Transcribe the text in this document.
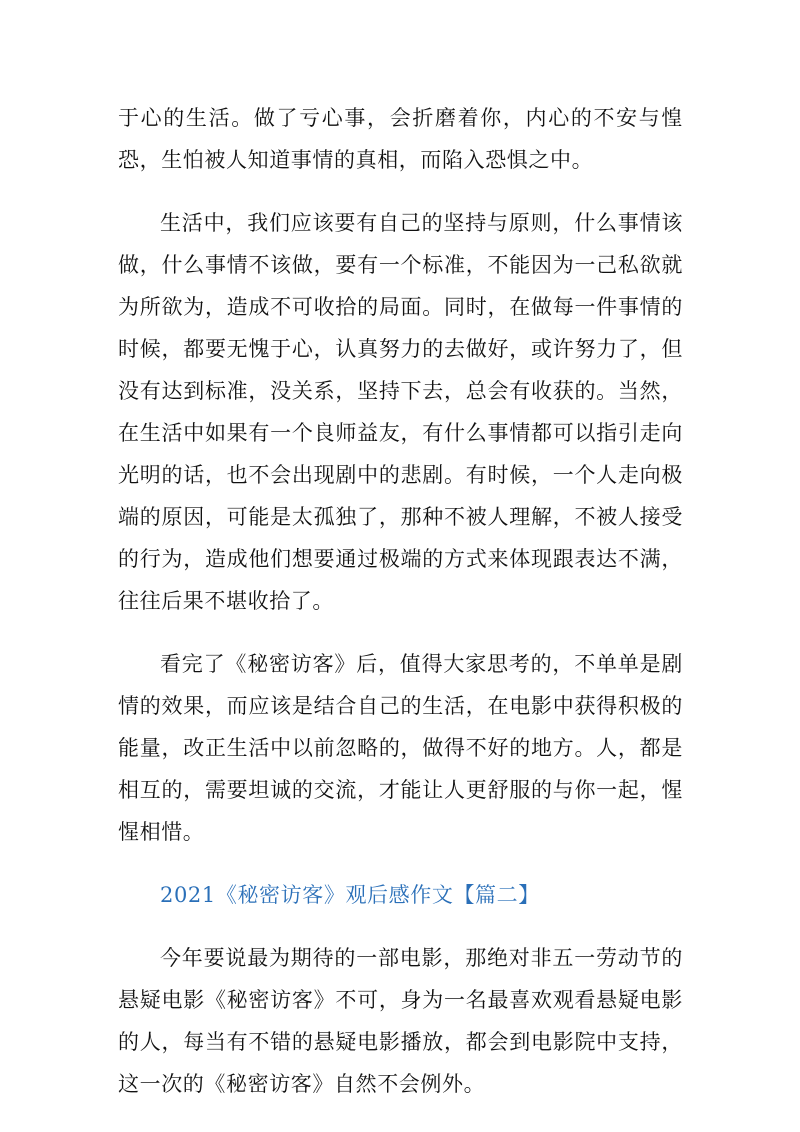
于心的生活。做了亏心事，会折磨着你，内心的不安与惶恐，生怕被人知道事情的真相，而陷入恐惧之中。

生活中，我们应该要有自己的坚持与原则，什么事情该做，什么事情不该做，要有一个标准，不能因为一己私欲就为所欲为，造成不可收拾的局面。同时，在做每一件事情的时候，都要无愧于心，认真努力的去做好，或许努力了，但没有达到标准，没关系，坚持下去，总会有收获的。当然，在生活中如果有一个良师益友，有什么事情都可以指引走向光明的话，也不会出现剧中的悲剧。有时候，一个人走向极端的原因，可能是太孤独了，那种不被人理解，不被人接受的行为，造成他们想要通过极端的方式来体现跟表达不满，往往后果不堪收拾了。

看完了《秘密访客》后，值得大家思考的，不单单是剧情的效果，而应该是结合自己的生活，在电影中获得积极的能量，改正生活中以前忽略的，做得不好的地方。人，都是相互的，需要坦诚的交流，才能让人更舒服的与你一起，惺惺相惜。

2021《秘密访客》观后感作文【篇二】

今年要说最为期待的一部电影，那绝对非五一劳动节的悬疑电影《秘密访客》不可，身为一名最喜欢观看悬疑电影的人，每当有不错的悬疑电影播放，都会到电影院中支持，这一次的《秘密访客》自然不会例外。
